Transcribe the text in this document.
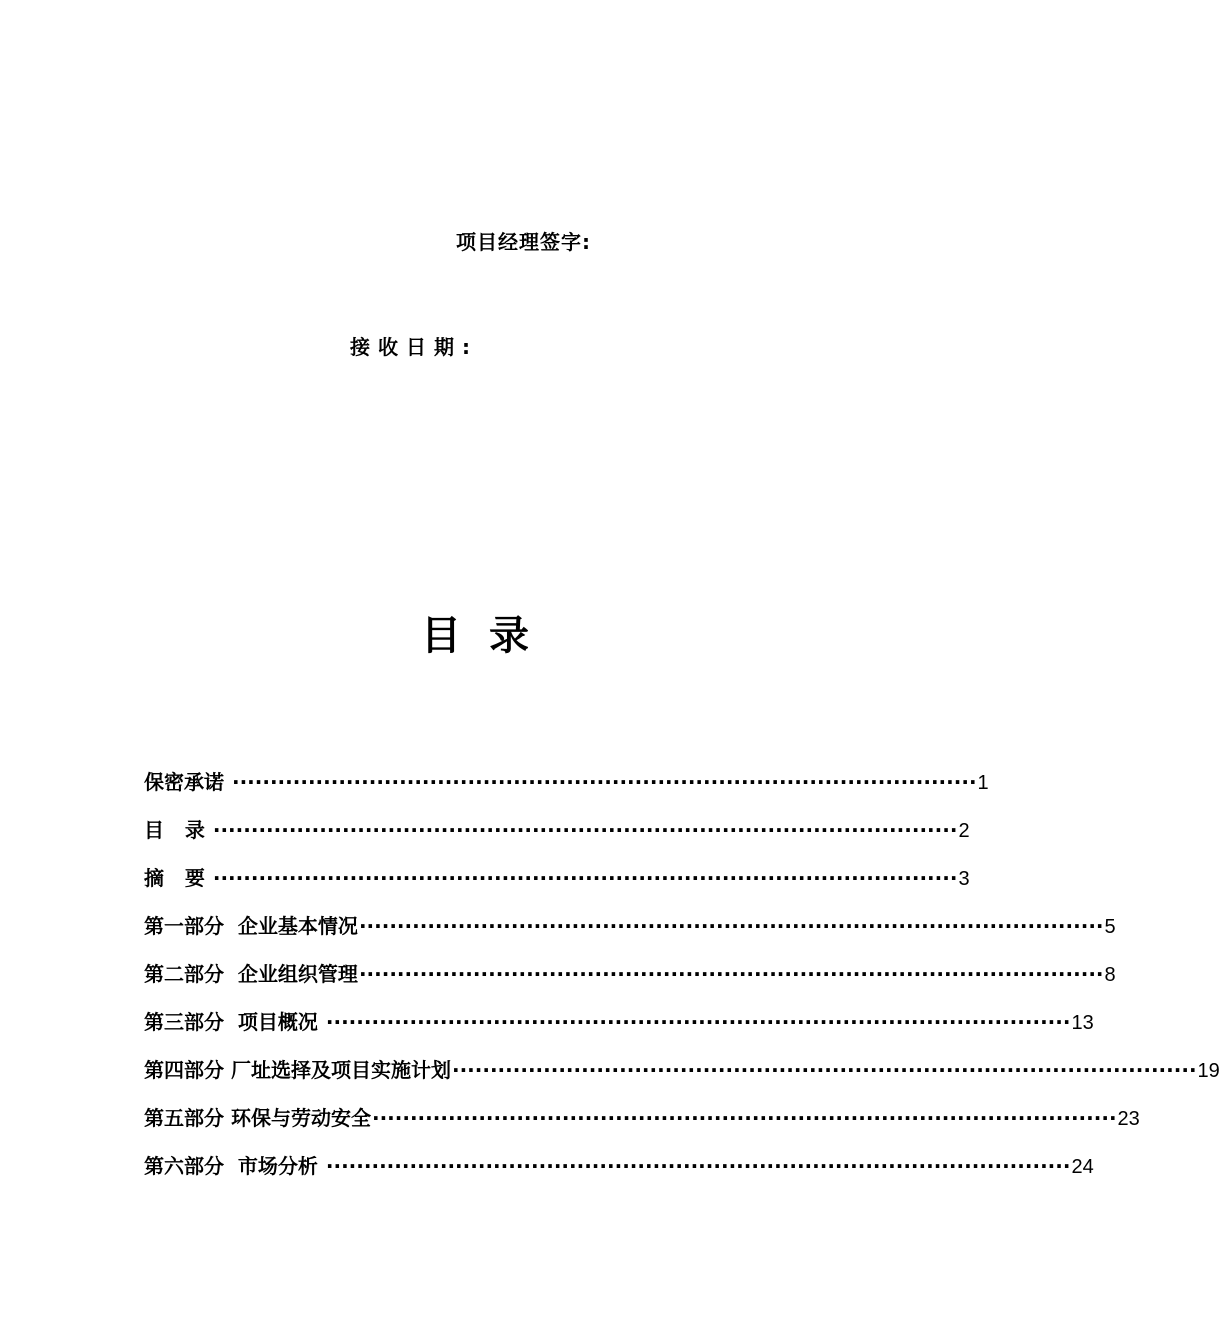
项目经理签字:
接收日期:
目录
保密承诺 ·································································································· 1
目   录 ·································································································· 2
摘   要 ·································································································· 3
第一部分  企业基本情况 ·································································································· 5
第二部分  企业组织管理 ·································································································· 8
第三部分  项目概况 ·································································································· 13
第四部分 厂址选择及项目实施计划 ·································································································· 19
第五部分 环保与劳动安全 ·································································································· 23
第六部分  市场分析 ·································································································· 24
